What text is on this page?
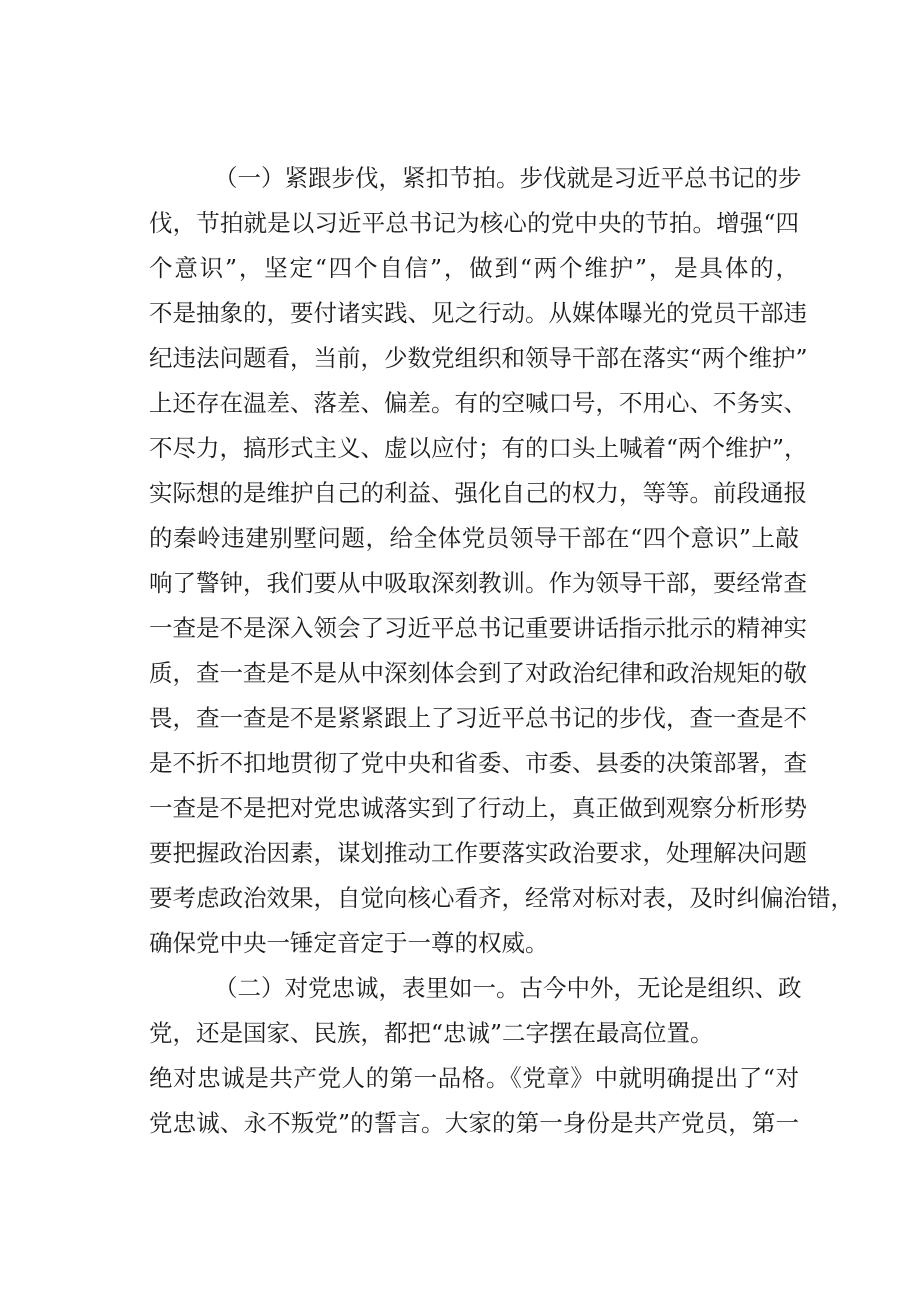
（一）紧跟步伐，紧扣节拍。步伐就是习近平总书记的步
伐，节拍就是以习近平总书记为核心的党中央的节拍。增强“四
个意识”，坚定“四个自信”，做到“两个维护”，是具体的，
不是抽象的，要付诸实践、见之行动。从媒体曝光的党员干部违
纪违法问题看，当前，少数党组织和领导干部在落实“两个维护”
上还存在温差、落差、偏差。有的空喊口号，不用心、不务实、
不尽力，搞形式主义、虚以应付；有的口头上喊着“两个维护”，
实际想的是维护自己的利益、强化自己的权力，等等。前段通报
的秦岭违建别墅问题，给全体党员领导干部在“四个意识”上敲
响了警钟，我们要从中吸取深刻教训。作为领导干部，要经常查
一查是不是深入领会了习近平总书记重要讲话指示批示的精神实
质，查一查是不是从中深刻体会到了对政治纪律和政治规矩的敬
畏，查一查是不是紧紧跟上了习近平总书记的步伐，查一查是不
是不折不扣地贯彻了党中央和省委、市委、县委的决策部署，查
一查是不是把对党忠诚落实到了行动上，真正做到观察分析形势
要把握政治因素，谋划推动工作要落实政治要求，处理解决问题
要考虑政治效果，自觉向核心看齐，经常对标对表，及时纠偏治错，
确保党中央一锤定音定于一尊的权威。
（二）对党忠诚，表里如一。古今中外，无论是组织、政
党，还是国家、民族，都把“忠诚”二字摆在最高位置。
绝对忠诚是共产党人的第一品格。《党章》中就明确提出了“对
党忠诚、永不叛党”的誓言。大家的第一身份是共产党员，第一
